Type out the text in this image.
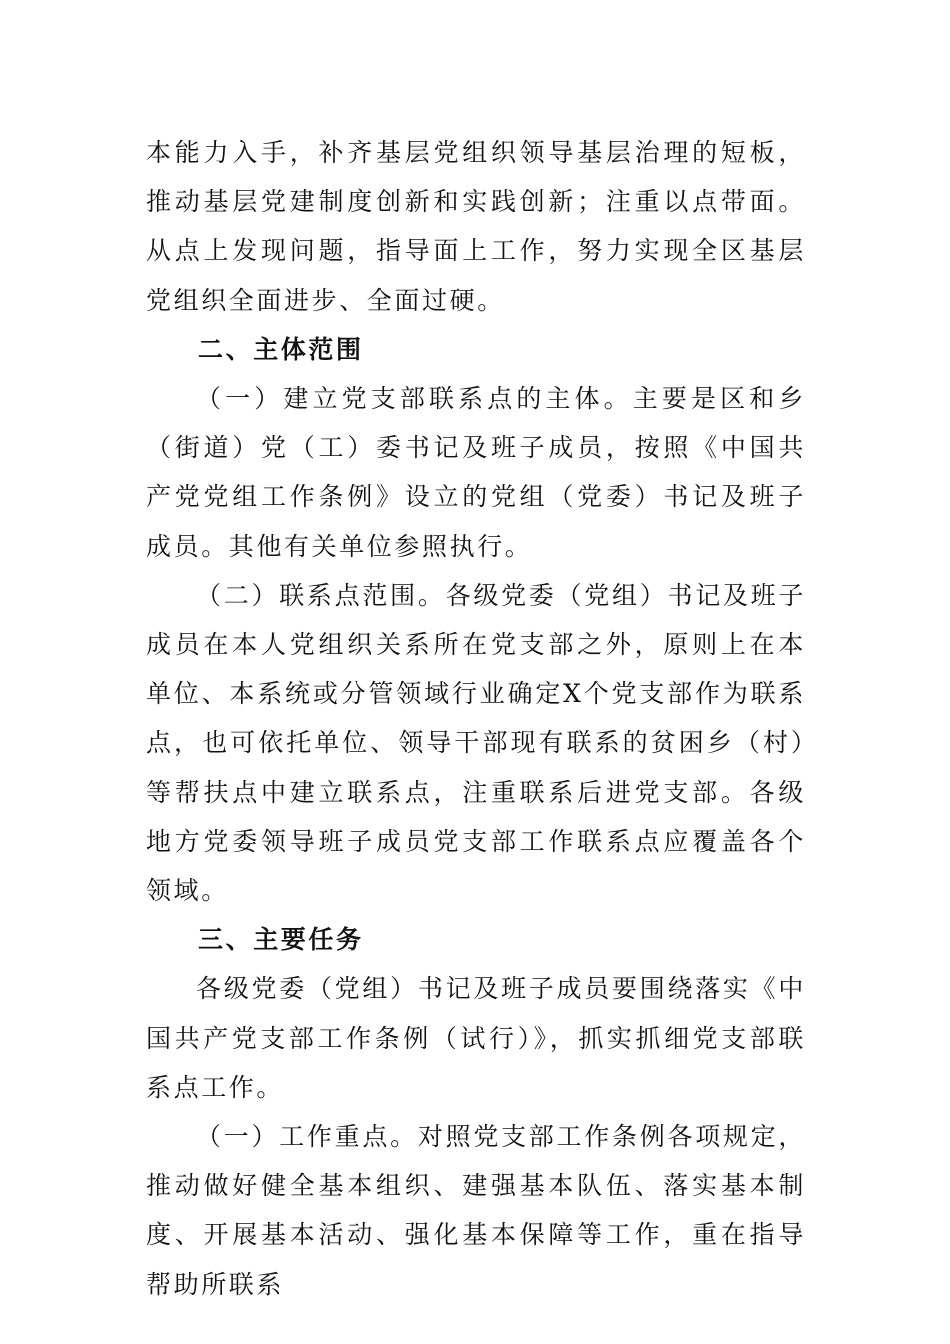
本能力入手，补齐基层党组织领导基层治理的短板，推动基层党建制度创新和实践创新；注重以点带面。从点上发现问题，指导面上工作，努力实现全区基层党组织全面进步、全面过硬。

二、主体范围

（一）建立党支部联系点的主体。主要是区和乡（街道）党（工）委书记及班子成员，按照《中国共产党党组工作条例》设立的党组（党委）书记及班子成员。其他有关单位参照执行。

（二）联系点范围。各级党委（党组）书记及班子成员在本人党组织关系所在党支部之外，原则上在本单位、本系统或分管领域行业确定X个党支部作为联系点，也可依托单位、领导干部现有联系的贫困乡（村）等帮扶点中建立联系点，注重联系后进党支部。各级地方党委领导班子成员党支部工作联系点应覆盖各个领域。

三、主要任务

各级党委（党组）书记及班子成员要围绕落实《中国共产党支部工作条例（试行）》，抓实抓细党支部联系点工作。

（一）工作重点。对照党支部工作条例各项规定，推动做好健全基本组织、建强基本队伍、落实基本制度、开展基本活动、强化基本保障等工作，重在指导帮助所联系
